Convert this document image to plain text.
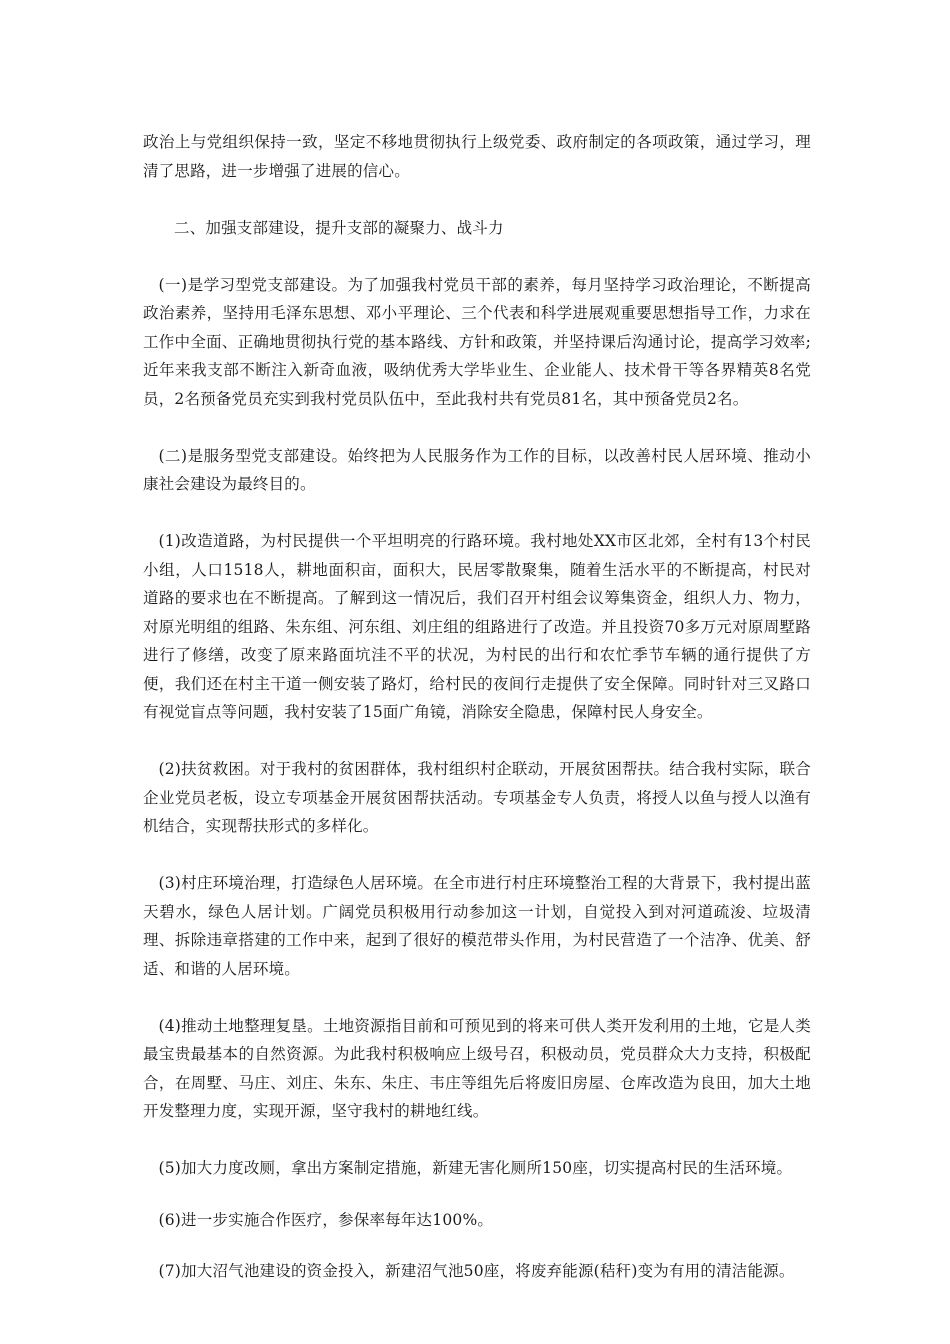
政治上与党组织保持一致，坚定不移地贯彻执行上级党委、政府制定的各项政策，通过学习，理清了思路，进一步增强了进展的信心。

二、加强支部建设，提升支部的凝聚力、战斗力

(一)是学习型党支部建设。为了加强我村党员干部的素养，每月坚持学习政治理论，不断提高政治素养，坚持用毛泽东思想、邓小平理论、三个代表和科学进展观重要思想指导工作，力求在工作中全面、正确地贯彻执行党的基本路线、方针和政策，并坚持课后沟通讨论，提高学习效率;近年来我支部不断注入新奇血液，吸纳优秀大学毕业生、企业能人、技术骨干等各界精英8名党员，2名预备党员充实到我村党员队伍中，至此我村共有党员81名，其中预备党员2名。

(二)是服务型党支部建设。始终把为人民服务作为工作的目标，以改善村民人居环境、推动小康社会建设为最终目的。

(1)改造道路，为村民提供一个平坦明亮的行路环境。我村地处XX市区北郊，全村有13个村民小组，人口1518人，耕地面积亩，面积大，民居零散聚集，随着生活水平的不断提高，村民对道路的要求也在不断提高。了解到这一情况后，我们召开村组会议筹集资金，组织人力、物力，对原光明组的组路、朱东组、河东组、刘庄组的组路进行了改造。并且投资70多万元对原周墅路进行了修缮，改变了原来路面坑洼不平的状况，为村民的出行和农忙季节车辆的通行提供了方便，我们还在村主干道一侧安装了路灯，给村民的夜间行走提供了安全保障。同时针对三叉路口有视觉盲点等问题，我村安装了15面广角镜，消除安全隐患，保障村民人身安全。

(2)扶贫救困。对于我村的贫困群体，我村组织村企联动，开展贫困帮扶。结合我村实际，联合企业党员老板，设立专项基金开展贫困帮扶活动。专项基金专人负责，将授人以鱼与授人以渔有机结合，实现帮扶形式的多样化。

(3)村庄环境治理，打造绿色人居环境。在全市进行村庄环境整治工程的大背景下，我村提出蓝天碧水，绿色人居计划。广阔党员积极用行动参加这一计划，自觉投入到对河道疏浚、垃圾清理、拆除违章搭建的工作中来，起到了很好的模范带头作用，为村民营造了一个洁净、优美、舒适、和谐的人居环境。

(4)推动土地整理复垦。土地资源指目前和可预见到的将来可供人类开发利用的土地，它是人类最宝贵最基本的自然资源。为此我村积极响应上级号召，积极动员，党员群众大力支持，积极配合，在周墅、马庄、刘庄、朱东、朱庄、韦庄等组先后将废旧房屋、仓库改造为良田，加大土地开发整理力度，实现开源，坚守我村的耕地红线。

(5)加大力度改厕，拿出方案制定措施，新建无害化厕所150座，切实提高村民的生活环境。

(6)进一步实施合作医疗，参保率每年达100%。

(7)加大沼气池建设的资金投入，新建沼气池50座，将废弃能源(秸秆)变为有用的清洁能源。
